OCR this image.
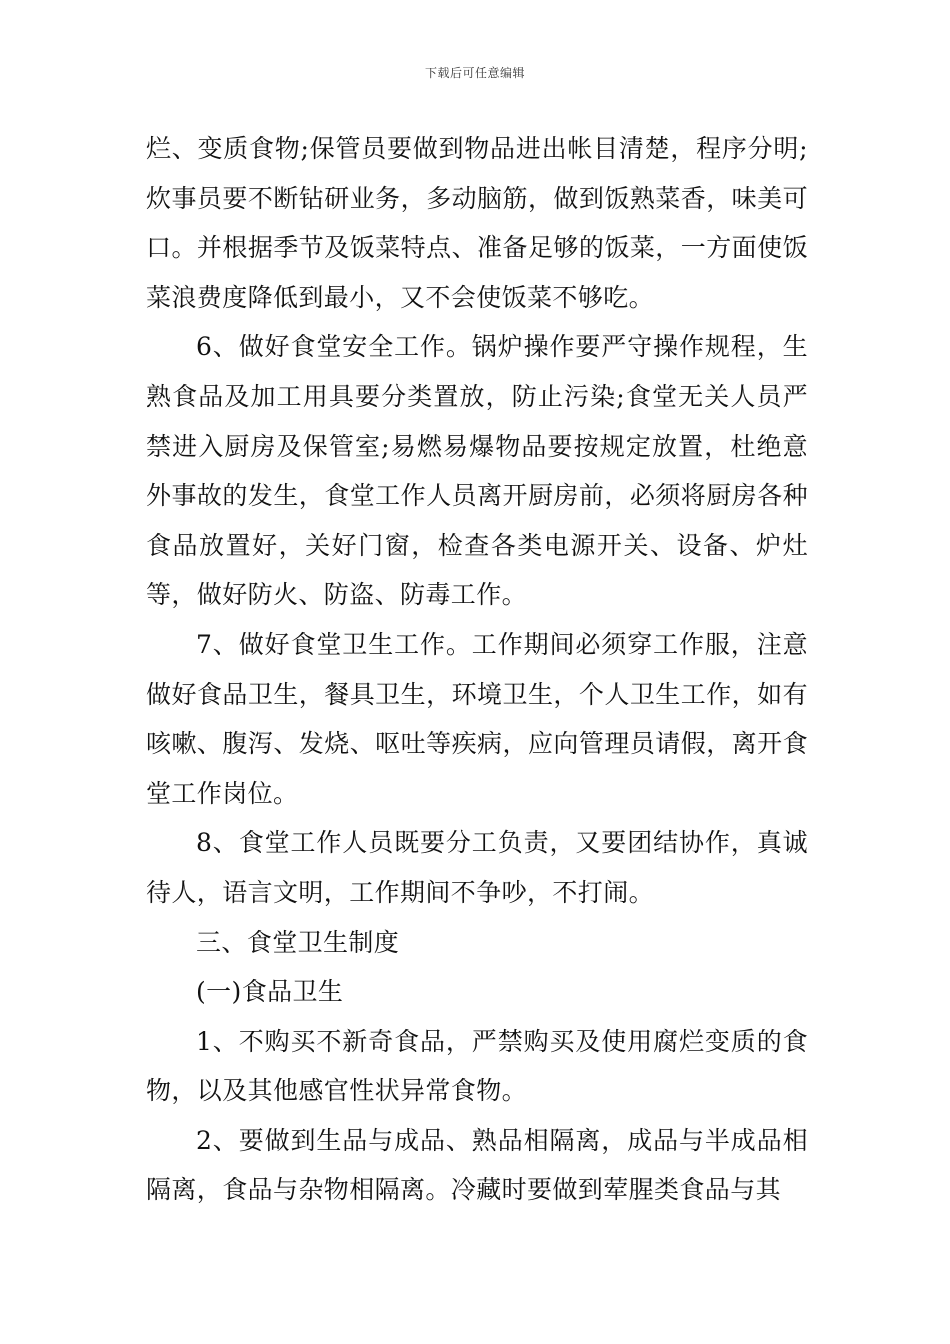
下载后可任意编辑

烂、变质食物;保管员要做到物品进出帐目清楚，程序分明;炊事员要不断钻研业务，多动脑筋，做到饭熟菜香，味美可口。并根据季节及饭菜特点、准备足够的饭菜，一方面使饭菜浪费度降低到最小，又不会使饭菜不够吃。

6、做好食堂安全工作。锅炉操作要严守操作规程，生熟食品及加工用具要分类置放，防止污染;食堂无关人员严禁进入厨房及保管室;易燃易爆物品要按规定放置，杜绝意外事故的发生，食堂工作人员离开厨房前，必须将厨房各种食品放置好，关好门窗，检查各类电源开关、设备、炉灶等，做好防火、防盗、防毒工作。

7、做好食堂卫生工作。工作期间必须穿工作服，注意做好食品卫生，餐具卫生，环境卫生，个人卫生工作，如有咳嗽、腹泻、发烧、呕吐等疾病，应向管理员请假，离开食堂工作岗位。

8、食堂工作人员既要分工负责，又要团结协作，真诚待人，语言文明，工作期间不争吵，不打闹。

三、食堂卫生制度

(一)食品卫生

1、不购买不新奇食品，严禁购买及使用腐烂变质的食物，以及其他感官性状异常食物。

2、要做到生品与成品、熟品相隔离，成品与半成品相隔离，食品与杂物相隔离。冷藏时要做到荤腥类食品与其
